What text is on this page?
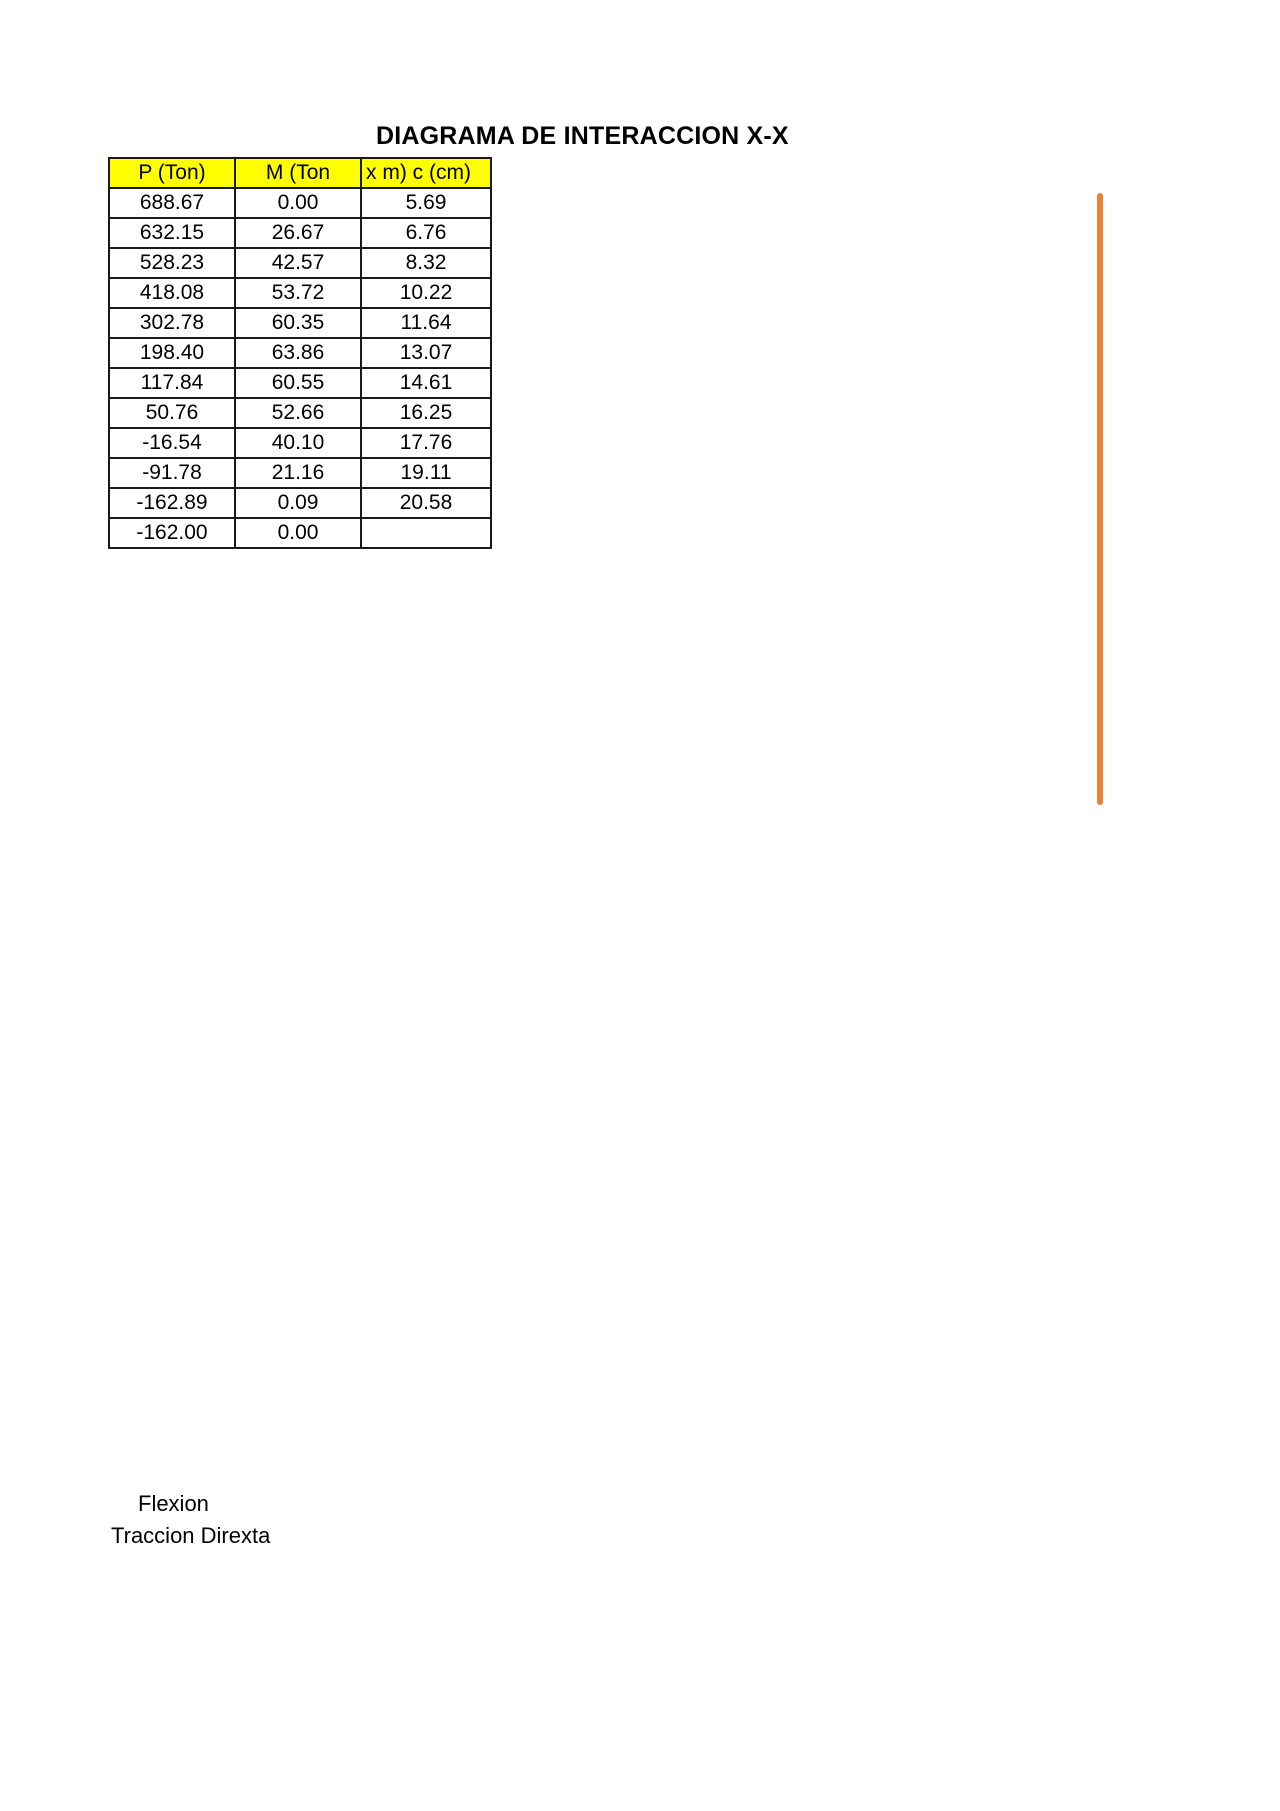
DIAGRAMA DE INTERACCION X-X
P (Ton)	M (Ton	x m) c (cm)
688.67	0.00	5.69
632.15	26.67	6.76
528.23	42.57	8.32
418.08	53.72	10.22
302.78	60.35	11.64
198.40	63.86	13.07
117.84	60.55	14.61
50.76	52.66	16.25
-16.54	40.10	17.76
-91.78	21.16	19.11
-162.89	0.09	20.58
-162.00	0.00	
Flexion
Traccion Direxta
